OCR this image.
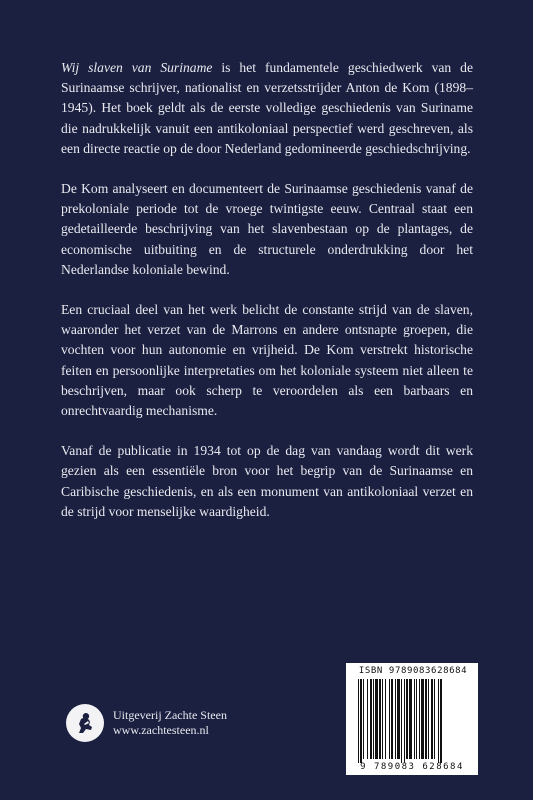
Wij slaven van Suriname is het fundamentele geschiedwerk van de Surinaamse schrijver, nationalist en verzetsstrijder Anton de Kom (1898–1945). Het boek geldt als de eerste volledige geschiedenis van Suriname die nadrukkelijk vanuit een antikoloniaal perspectief werd geschreven, als een directe reactie op de door Nederland gedomineerde geschiedschrijving.

De Kom analyseert en documenteert de Surinaamse geschiedenis vanaf de prekoloniale periode tot de vroege twintigste eeuw. Centraal staat een gedetailleerde beschrijving van het slavenbestaan op de plantages, de economische uitbuiting en de structurele onderdrukking door het Nederlandse koloniale bewind.

Een cruciaal deel van het werk belicht de constante strijd van de slaven, waaronder het verzet van de Marrons en andere ontsnapte groepen, die vochten voor hun autonomie en vrijheid. De Kom verstrekt historische feiten en persoonlijke interpretaties om het koloniale systeem niet alleen te beschrijven, maar ook scherp te veroordelen als een barbaars en onrechtvaardig mechanisme.

Vanaf de publicatie in 1934 tot op de dag van vandaag wordt dit werk gezien als een essentiële bron voor het begrip van de Surinaamse en Caribische geschiedenis, en als een monument van antikoloniaal verzet en de strijd voor menselijke waardigheid.

Uitgeverij Zachte Steen
www.zachtesteen.nl
ISBN 9789083628684
9 789083 628684
